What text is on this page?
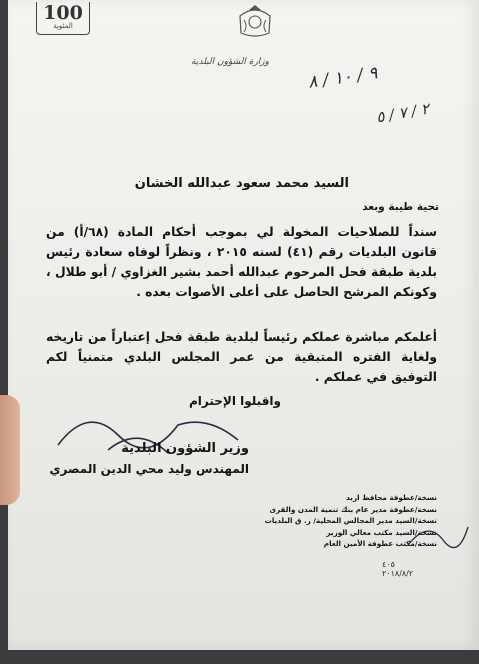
100
المئوية
وزارة الشؤون البلدية
٩ / ١٠ / ٨
٢ / ٧ / ٥
السيد محمد سعود عبدالله الخشان
تحية طيبة وبعد
سنداً للصلاحيات المخولة لي بموجب أحكام المادة (٦٨/أ) من قانون البلديات رقم (٤١) لسنه ٢٠١٥ ، ونظراً لوفاه سعادة رئيس بلدية طبقة فحل المرحوم عبدالله أحمد بشير الغزاوي / أبو طلال ، وكونكم المرشح الحاصل على أعلى الأصوات بعده .
أعلمكم مباشرة عملكم رئيساً لبلدية طبقة فحل إعتباراً من تاريخه ولغاية الفتره المتبقية من عمر المجلس البلدي متمنياً لكم التوفيق في عملكم .
واقبلوا الإحترام
وزير الشؤون البلدية
المهندس وليد محي الدين المصري
نسخة/عطوفة محافظ اربد
نسخة/عطوفة مدير عام بنك تنمية المدن والقرى
نسخة/السيد مدير المجالس المحلية/ ر. ق البلديات
نسخة/السيد مكتب معالي الوزير
نسخة/مكتب عطوفة الأمين العام
٤٠٥
٢٠١٨/٨/٢
